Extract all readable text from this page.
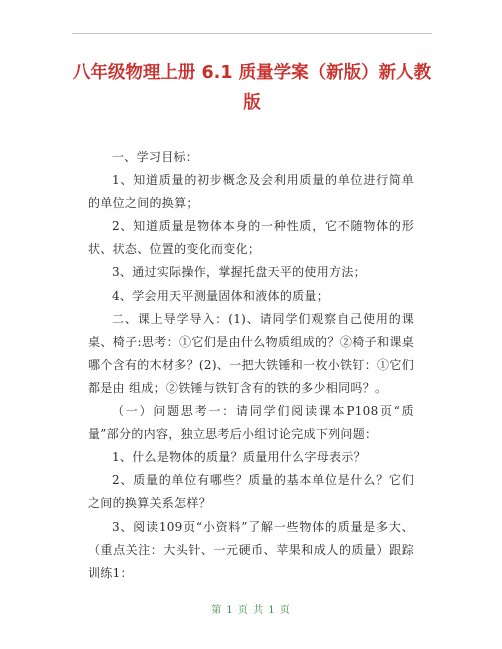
八年级物理上册 6.1 质量学案（新版）新人教版

一、学习目标：

1、知道质量的初步概念及会利用质量的单位进行简单的单位之间的换算；

2、知道质量是物体本身的一种性质，它不随物体的形状、状态、位置的变化而变化；

3、通过实际操作，掌握托盘天平的使用方法；

4、学会用天平测量固体和液体的质量；

二、课上导学导入：(1)、请同学们观察自己使用的课桌、椅子:思考：①它们是由什么物质组成的？②椅子和课桌哪个含有的木材多？(2)、一把大铁锤和一枚小铁钉：①它们都是由 组成；②铁锤与铁钉含有的铁的多少相同吗？。

（一）问题思考一：请同学们阅读课本P108页“质量”部分的内容，独立思考后小组讨论完成下列问题：

1、什么是物体的质量？质量用什么字母表示？

2、质量的单位有哪些？质量的基本单位是什么？它们之间的换算关系怎样？

3、阅读109页“小资料”了解一些物体的质量是多大、（重点关注：大头针、一元硬币、苹果和成人的质量）跟踪训练1：

第 1 页 共 1 页
